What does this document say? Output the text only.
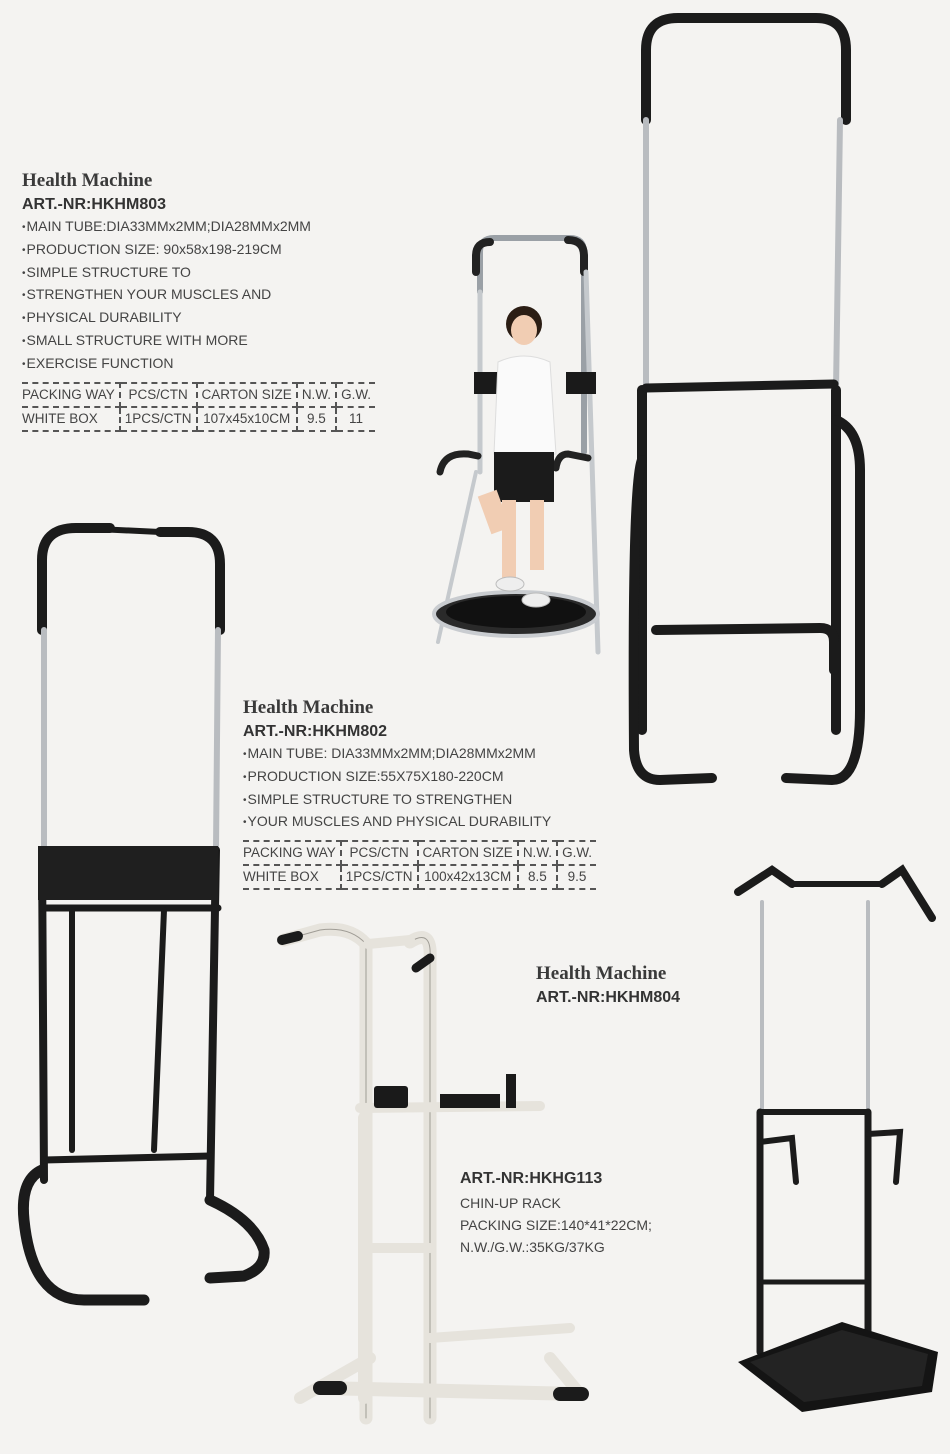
Health Machine
ART.-NR:HKHM803
• MAIN TUBE:DIA33MMx2MM;DIA28MMx2MM
• PRODUCTION SIZE: 90x58x198-219CM
• SIMPLE STRUCTURE TO
• STRENGTHEN YOUR MUSCLES AND
• PHYSICAL DURABILITY
• SMALL STRUCTURE WITH MORE
• EXERCISE FUNCTION
PACKING WAY	PCS/CTN	CARTON SIZE	N.W.	G.W.
WHITE BOX	1PCS/CTN	107x45x10CM	9.5	11
Health Machine
ART.-NR:HKHM802
• MAIN TUBE: DIA33MMx2MM;DIA28MMx2MM
• PRODUCTION SIZE:55X75X180-220CM
• SIMPLE STRUCTURE TO STRENGTHEN
• YOUR MUSCLES AND PHYSICAL DURABILITY
PACKING WAY	PCS/CTN	CARTON SIZE	N.W.	G.W.
WHITE BOX	1PCS/CTN	100x42x13CM	8.5	9.5
Health Machine
ART.-NR:HKHM804
ART.-NR:HKHG113

CHIN-UP RACK

PACKING SIZE:140*41*22CM;

N.W./G.W.:35KG/37KG
